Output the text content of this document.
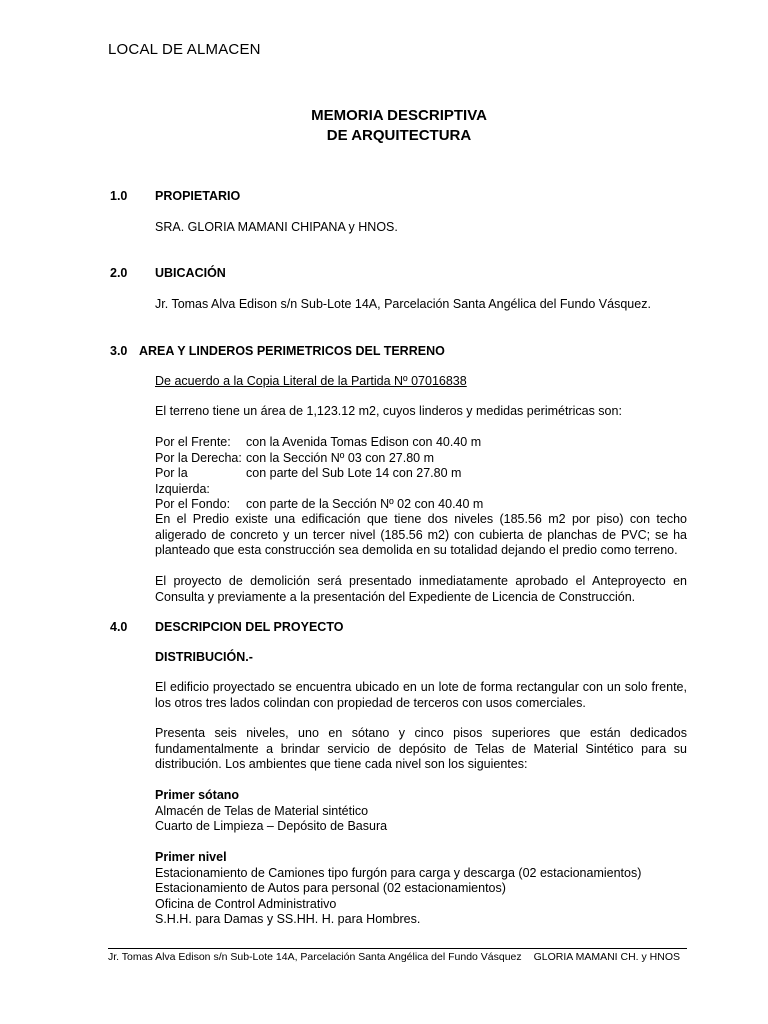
LOCAL DE ALMACEN
MEMORIA DESCRIPTIVA
DE ARQUITECTURA
1.0 PROPIETARIO
SRA. GLORIA MAMANI CHIPANA y HNOS.
2.0 UBICACIÓN
Jr. Tomas Alva Edison s/n Sub-Lote 14A, Parcelación Santa Angélica del Fundo Vásquez.
3.0 AREA Y LINDEROS PERIMETRICOS DEL TERRENO
De acuerdo a la Copia Literal de la Partida Nº 07016838
El terreno tiene un área de 1,123.12 m2, cuyos linderos y medidas perimétricas son:
Por el Frente:	con la Avenida Tomas Edison con 40.40 m
Por la Derecha: con la Sección Nº 03 con 27.80 m
Por la Izquierda:
con parte del Sub Lote 14 con 27.80 m
Por el Fondo:	con parte de la Sección Nº 02 con 40.40 m
En el Predio existe una edificación que tiene dos niveles (185.56 m2 por piso) con techo aligerado de concreto y un tercer nivel (185.56 m2) con cubierta de planchas de PVC; se ha planteado que esta construcción sea demolida en su totalidad dejando el predio como terreno.
El proyecto de demolición será presentado inmediatamente aprobado el Anteproyecto en Consulta y previamente a la presentación del Expediente de Licencia de Construcción.
4.0 DESCRIPCION DEL PROYECTO
DISTRIBUCIÓN.-
El edificio proyectado se encuentra ubicado en un lote de forma rectangular con un solo frente, los otros tres lados colindan con propiedad de terceros con usos comerciales.
Presenta seis niveles, uno en sótano y cinco pisos superiores que están dedicados fundamentalmente a brindar servicio de depósito de Telas de Material Sintético para su distribución. Los ambientes que tiene cada nivel son los siguientes:
Primer sótano
Almacén de Telas de Material sintético
Cuarto de Limpieza – Depósito de Basura
Primer nivel
Estacionamiento de Camiones tipo furgón para carga y descarga (02 estacionamientos)
Estacionamiento de Autos para personal (02 estacionamientos)
Oficina de Control Administrativo
S.H.H. para Damas y SS.HH. H. para Hombres.
Jr. Tomas Alva Edison s/n Sub-Lote 14A, Parcelación Santa Angélica del Fundo Vásquez GLORIA MAMANI CH. y HNOS
